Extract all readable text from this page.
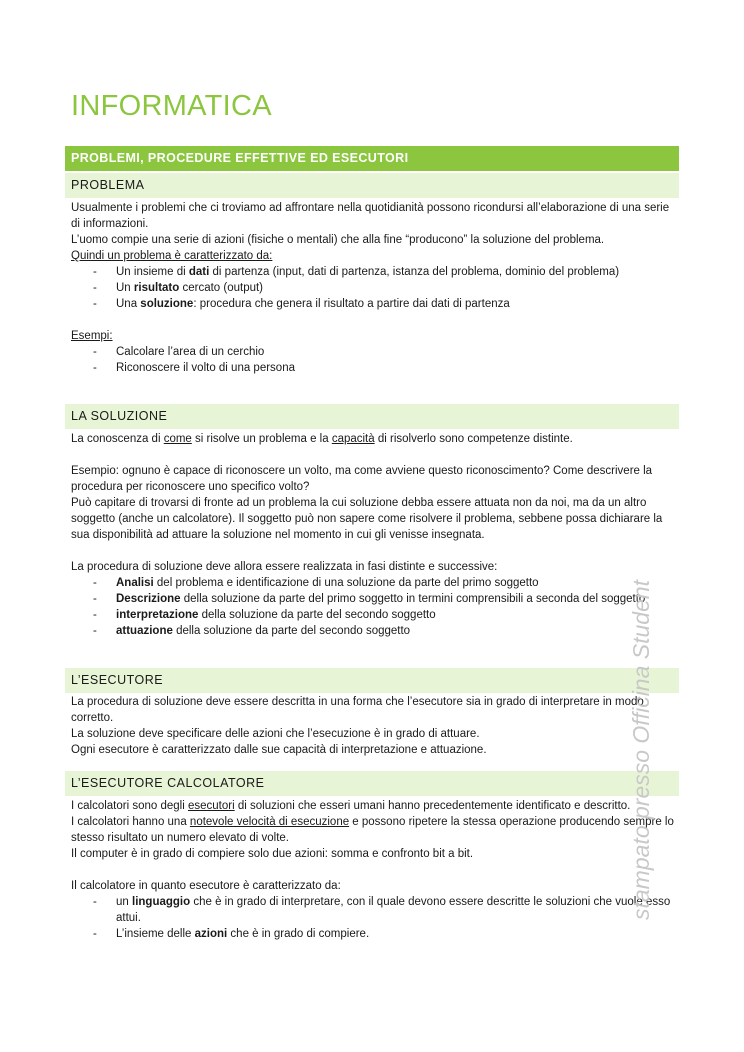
INFORMATICA
PROBLEMI, PROCEDURE EFFETTIVE ED ESECUTORI
PROBLEMA

Usualmente i problemi che ci troviamo ad affrontare nella quotidianità possono ricondursi all’elaborazione di una serie di informazioni.

L’uomo compie una serie di azioni (fisiche o mentali) che alla fine “producono” la soluzione del problema.

Quindi un problema è caratterizzato da:

- Un insieme di dati di partenza (input, dati di partenza, istanza del problema, dominio del problema)
- Un risultato cercato (output)
- Una soluzione: procedura che genera il risultato a partire dai dati di partenza

Esempi:

- Calcolare l’area di un cerchio
- Riconoscere il volto di una persona
LA SOLUZIONE

La conoscenza di come si risolve un problema e la capacità di risolverlo sono competenze distinte.

Esempio: ognuno è capace di riconoscere un volto, ma come avviene questo riconoscimento? Come descrivere la procedura per riconoscere uno specifico volto?

Può capitare di trovarsi di fronte ad un problema la cui soluzione debba essere attuata non da noi, ma da un altro soggetto (anche un calcolatore). Il soggetto può non sapere come risolvere il problema, sebbene possa dichiarare la sua disponibilità ad attuare la soluzione nel momento in cui gli venisse insegnata.

La procedura di soluzione deve allora essere realizzata in fasi distinte e successive:

- Analisi del problema e identificazione di una soluzione da parte del primo soggetto
- Descrizione della soluzione da parte del primo soggetto in termini comprensibili a seconda del soggetto
- interpretazione della soluzione da parte del secondo soggetto
- attuazione della soluzione da parte del secondo soggetto
L’ESECUTORE

La procedura di soluzione deve essere descritta in una forma che l’esecutore sia in grado di interpretare in modo corretto.

La soluzione deve specificare delle azioni che l’esecuzione è in grado di attuare.

Ogni esecutore è caratterizzato dalle sue capacità di interpretazione e attuazione.

L’ESECUTORE CALCOLATORE

I calcolatori sono degli esecutori di soluzioni che esseri umani hanno precedentemente identificato e descritto.

I calcolatori hanno una notevole velocità di esecuzione e possono ripetere la stessa operazione producendo sempre lo stesso risultato un numero elevato di volte.

Il computer è in grado di compiere solo due azioni: somma e confronto bit a bit.

Il calcolatore in quanto esecutore è caratterizzato da:

- un linguaggio che è in grado di interpretare, con il quale devono essere descritte le soluzioni che vuole esso attui.
- L’insieme delle azioni che è in grado di compiere.
stampato presso Officina Student
